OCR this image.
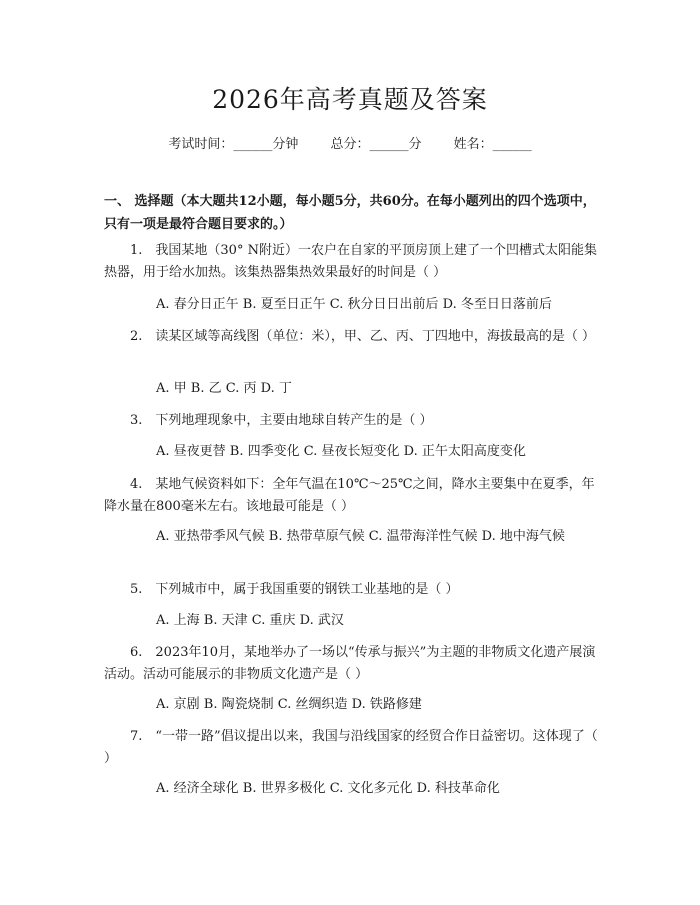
2026年高考真题及答案
考试时间：______分钟 总分：______分 姓名：______
一、 选择题（本大题共12小题，每小题5分，共60分。在每小题列出的四个选项中，只有一项是最符合题目要求的。）
1.　我国某地（30° N附近）一农户在自家的平顶房顶上建了一个凹槽式太阳能集热器，用于给水加热。该集热器集热效果最好的时间是（ ）
A. 春分日正午 B. 夏至日正午 C. 秋分日日出前后 D. 冬至日日落前后
2.　读某区域等高线图（单位：米），甲、乙、丙、丁四地中，海拔最高的是（ ）
A. 甲 B. 乙 C. 丙 D. 丁
3.　下列地理现象中，主要由地球自转产生的是（ ）
A. 昼夜更替 B. 四季变化 C. 昼夜长短变化 D. 正午太阳高度变化
4.　某地气候资料如下：全年气温在10℃～25℃之间，降水主要集中在夏季，年降水量在800毫米左右。该地最可能是（ ）
A. 亚热带季风气候 B. 热带草原气候 C. 温带海洋性气候 D. 地中海气候
5.　下列城市中，属于我国重要的钢铁工业基地的是（ ）
A. 上海 B. 天津 C. 重庆 D. 武汉
6.　2023年10月，某地举办了一场以“传承与振兴”为主题的非物质文化遗产展演活动。活动可能展示的非物质文化遗产是（ ）
A. 京剧 B. 陶瓷烧制 C. 丝绸织造 D. 铁路修建
7.　“一带一路”倡议提出以来，我国与沿线国家的经贸合作日益密切。这体现了（ ）
A. 经济全球化 B. 世界多极化 C. 文化多元化 D. 科技革命化
